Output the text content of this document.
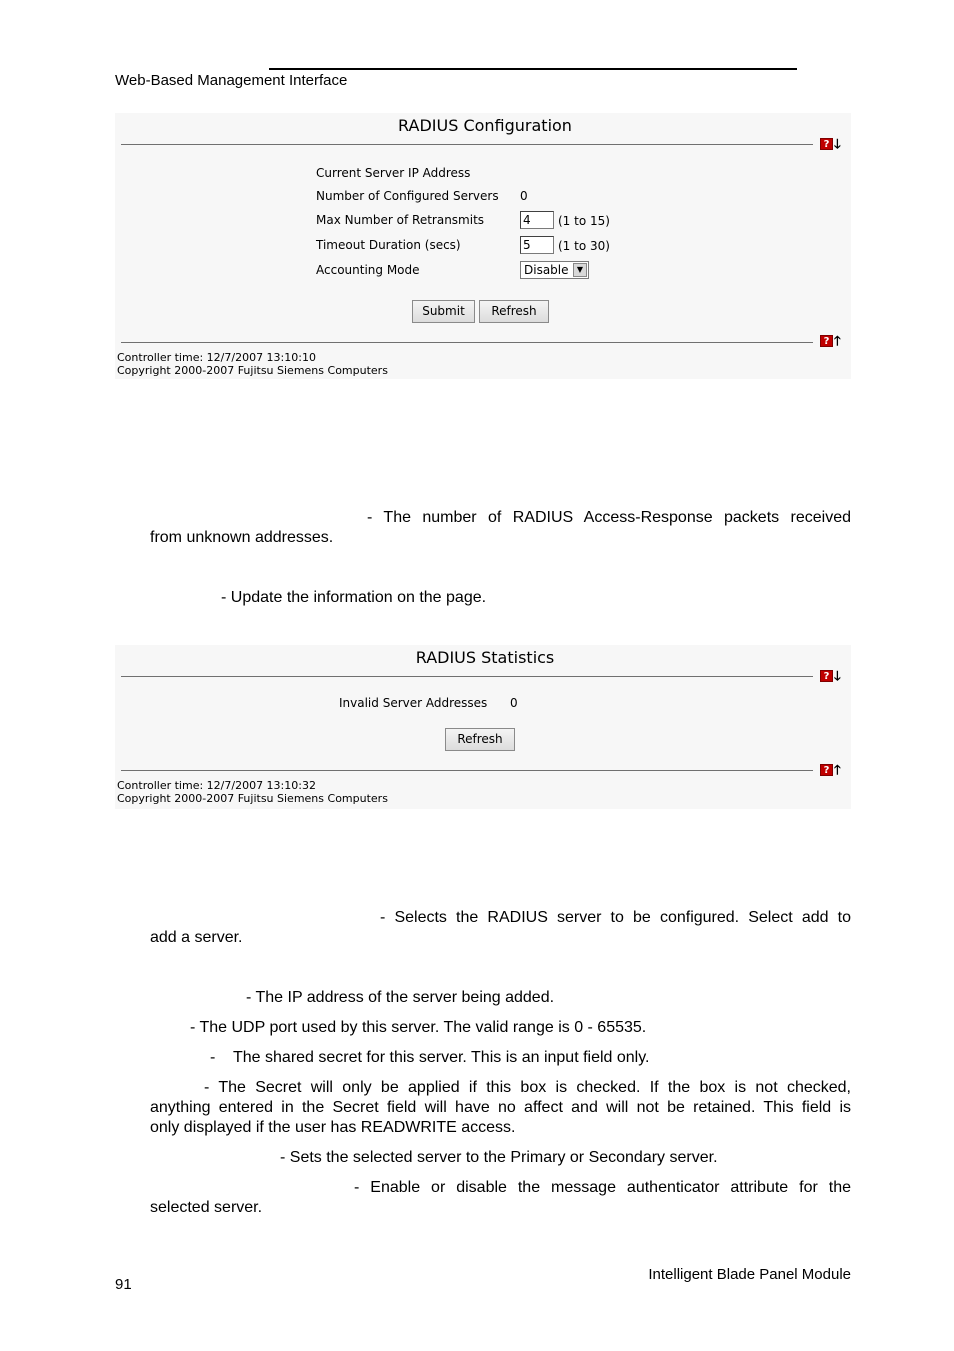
Web-Based Management Interface
RADIUS Configuration
? 🡓
Current Server IP Address
Number of Configured Servers 0
Max Number of Retransmits	4	(1 to 15)
Timeout Duration (secs)	5	(1 to 30)
Accounting Mode	Disable	▼
Submit	Refresh
? 🡑
Controller time: 12/7/2007 13:10:10
Copyright 2000-2007 Fujitsu Siemens Computers
- The number of RADIUS Access-Response packets received
from unknown addresses.
- Update the information on the page.
RADIUS Statistics
? 🡓
Invalid Server Addresses 0
Refresh
? 🡑
Controller time: 12/7/2007 13:10:32
Copyright 2000-2007 Fujitsu Siemens Computers
- Selects the RADIUS server to be configured. Select add to
add a server.
- The IP address of the server being added.
- The UDP port used by this server. The valid range is 0 - 65535.
- The shared secret for this server. This is an input field only.
- The Secret will only be applied if this box is checked. If the box is not checked,
anything entered in the Secret field will have no affect and will not be retained. This field is
only displayed if the user has READWRITE access.
- Sets the selected server to the Primary or Secondary server.
- Enable or disable the message authenticator attribute for the
selected server.
Intelligent Blade Panel Module
91
